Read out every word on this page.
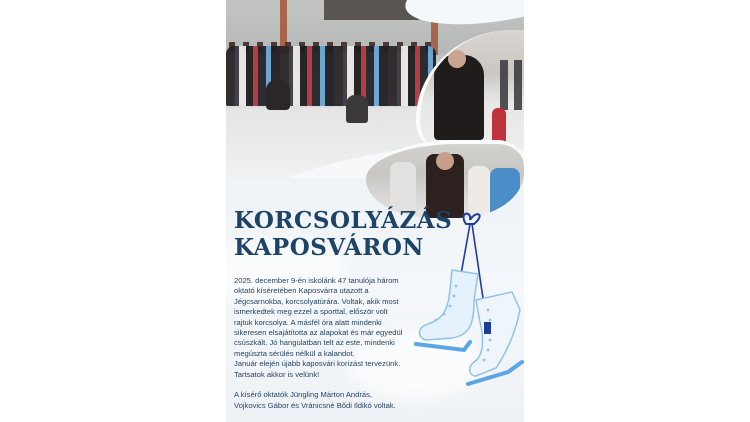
KORCSOLYÁZÁS
KAPOSVÁRON

2025. december 9-én iskolánk 47 tanulója három

oktató kíséretében Kaposvárra utazott a

Jégcsarnokba, korcsolyatúrára. Voltak, akik most

ismerkedtek meg ezzel a sporttal, először volt

rajtuk korcsolya. A másfél óra alatt mindenki

sikeresen elsajátította az alapokat és már egyedül

csúszkált. Jó hangulatban telt az este, mindenki

megúszta sérülés nélkül a kalandot.

Január elején újabb kaposvári korizást tervezünk.

Tartsatok akkor is velünk!

A kísérő oktatók Jüngling Márton András,

Vojkovics Gábor és Vránicsné Bődi Ildikó voltak.
